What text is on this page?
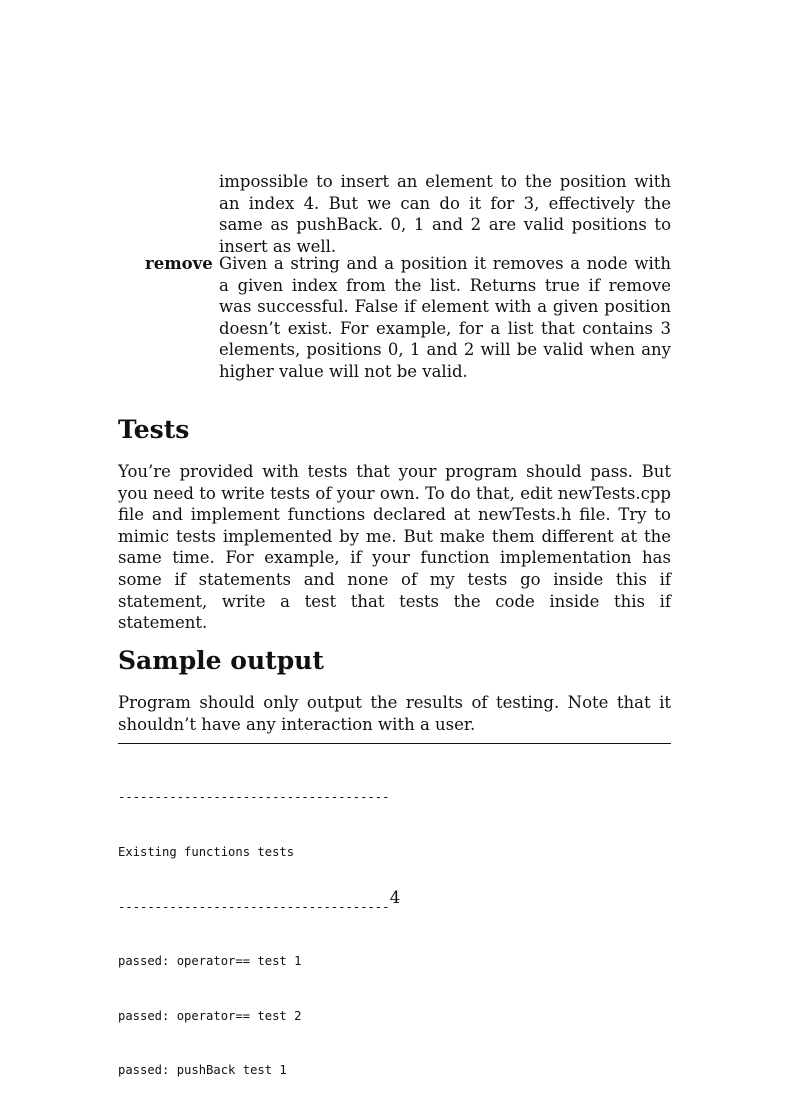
impossible to insert an element to the position with an index 4. But we can do it for 3, effectively the same as pushBack. 0, 1 and 2 are valid positions to insert as well.

remove Given a string and a position it removes a node with a given index from the list. Returns true if remove was successful. False if element with a given position doesn’t exist. For example, for a list that contains 3 elements, positions 0, 1 and 2 will be valid when any higher value will not be valid.

Tests

You’re provided with tests that your program should pass. But you need to write tests of your own. To do that, edit newTests.cpp file and implement functions declared at newTests.h file. Try to mimic tests implemented by me. But make them different at the same time. For example, if your function implementation has some if statements and none of my tests go inside this if statement, write a test that tests the code inside this if statement.

Sample output

Program should only output the results of testing. Note that it shouldn’t have any interaction with a user.

-------------------------------------

Existing functions tests

-------------------------------------

passed: operator== test 1

passed: operator== test 2

passed: pushBack test 1

4
